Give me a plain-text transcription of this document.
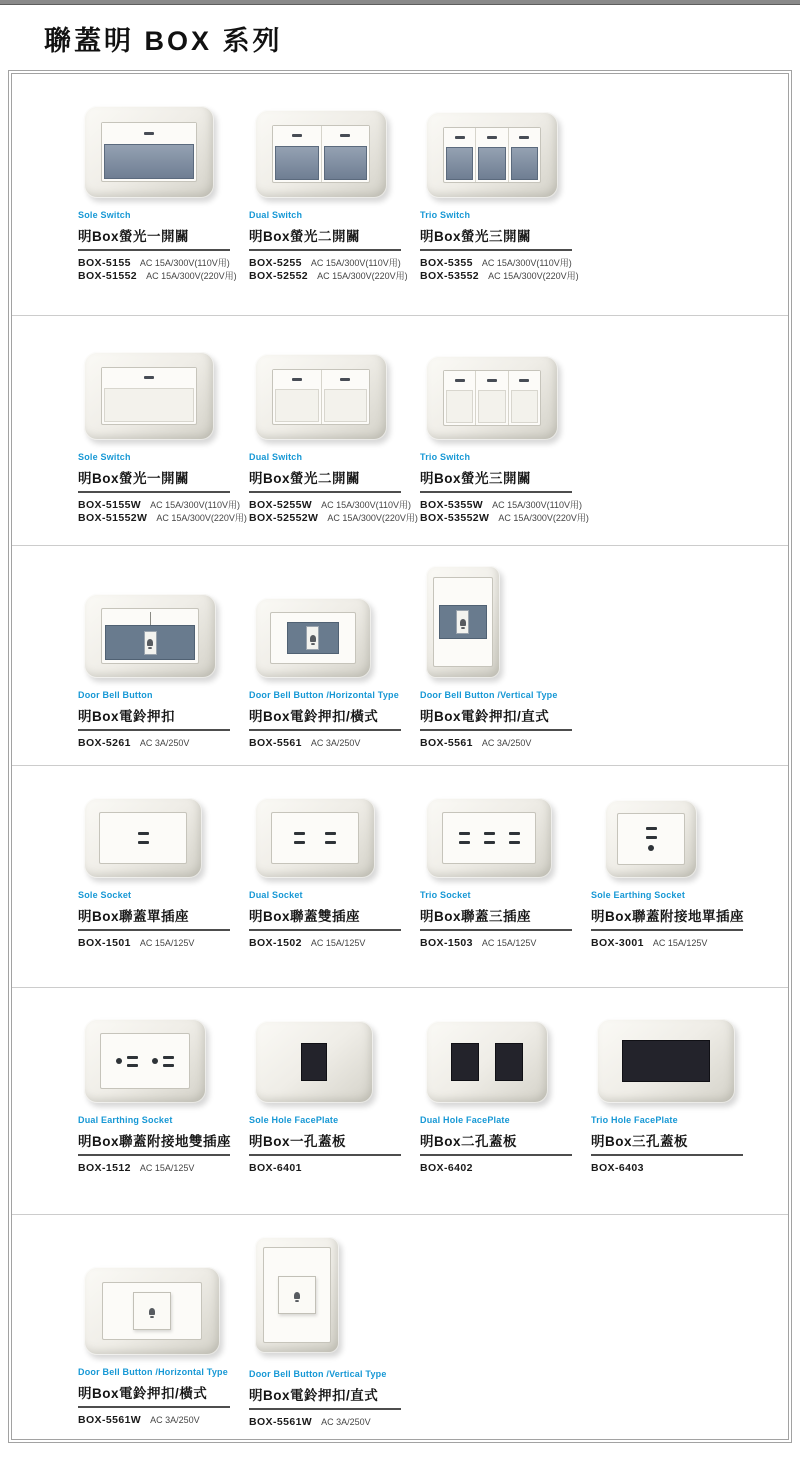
聯蓋明 BOX 系列
Sole Switch
明Box螢光一開關
BOX-5155 AC 15A/300V(110V用)
BOX-51552 AC 15A/300V(220V用)
Dual Switch
明Box螢光二開關
BOX-5255 AC 15A/300V(110V用)
BOX-52552 AC 15A/300V(220V用)
Trio Switch
明Box螢光三開關
BOX-5355 AC 15A/300V(110V用)
BOX-53552 AC 15A/300V(220V用)
Sole Switch
明Box螢光一開關
BOX-5155W AC 15A/300V(110V用)
BOX-51552W AC 15A/300V(220V用)
Dual Switch
明Box螢光二開關
BOX-5255W AC 15A/300V(110V用)
BOX-52552W AC 15A/300V(220V用)
Trio Switch
明Box螢光三開關
BOX-5355W AC 15A/300V(110V用)
BOX-53552W AC 15A/300V(220V用)
Door Bell Button
明Box電鈴押扣
BOX-5261 AC 3A/250V
Door Bell Button /Horizontal Type
明Box電鈴押扣/橫式
BOX-5561 AC 3A/250V
Door Bell Button /Vertical Type
明Box電鈴押扣/直式
BOX-5561 AC 3A/250V
Sole Socket
明Box聯蓋單插座
BOX-1501 AC 15A/125V
Dual Socket
明Box聯蓋雙插座
BOX-1502 AC 15A/125V
Trio Socket
明Box聯蓋三插座
BOX-1503 AC 15A/125V
Sole Earthing Socket
明Box聯蓋附接地單插座
BOX-3001 AC 15A/125V
Dual Earthing Socket
明Box聯蓋附接地雙插座
BOX-1512 AC 15A/125V
Sole Hole FacePlate
明Box一孔蓋板
BOX-6401
Dual Hole FacePlate
明Box二孔蓋板
BOX-6402
Trio Hole FacePlate
明Box三孔蓋板
BOX-6403
Door Bell Button /Horizontal Type
明Box電鈴押扣/橫式
BOX-5561W AC 3A/250V
Door Bell Button /Vertical Type
明Box電鈴押扣/直式
BOX-5561W AC 3A/250V
